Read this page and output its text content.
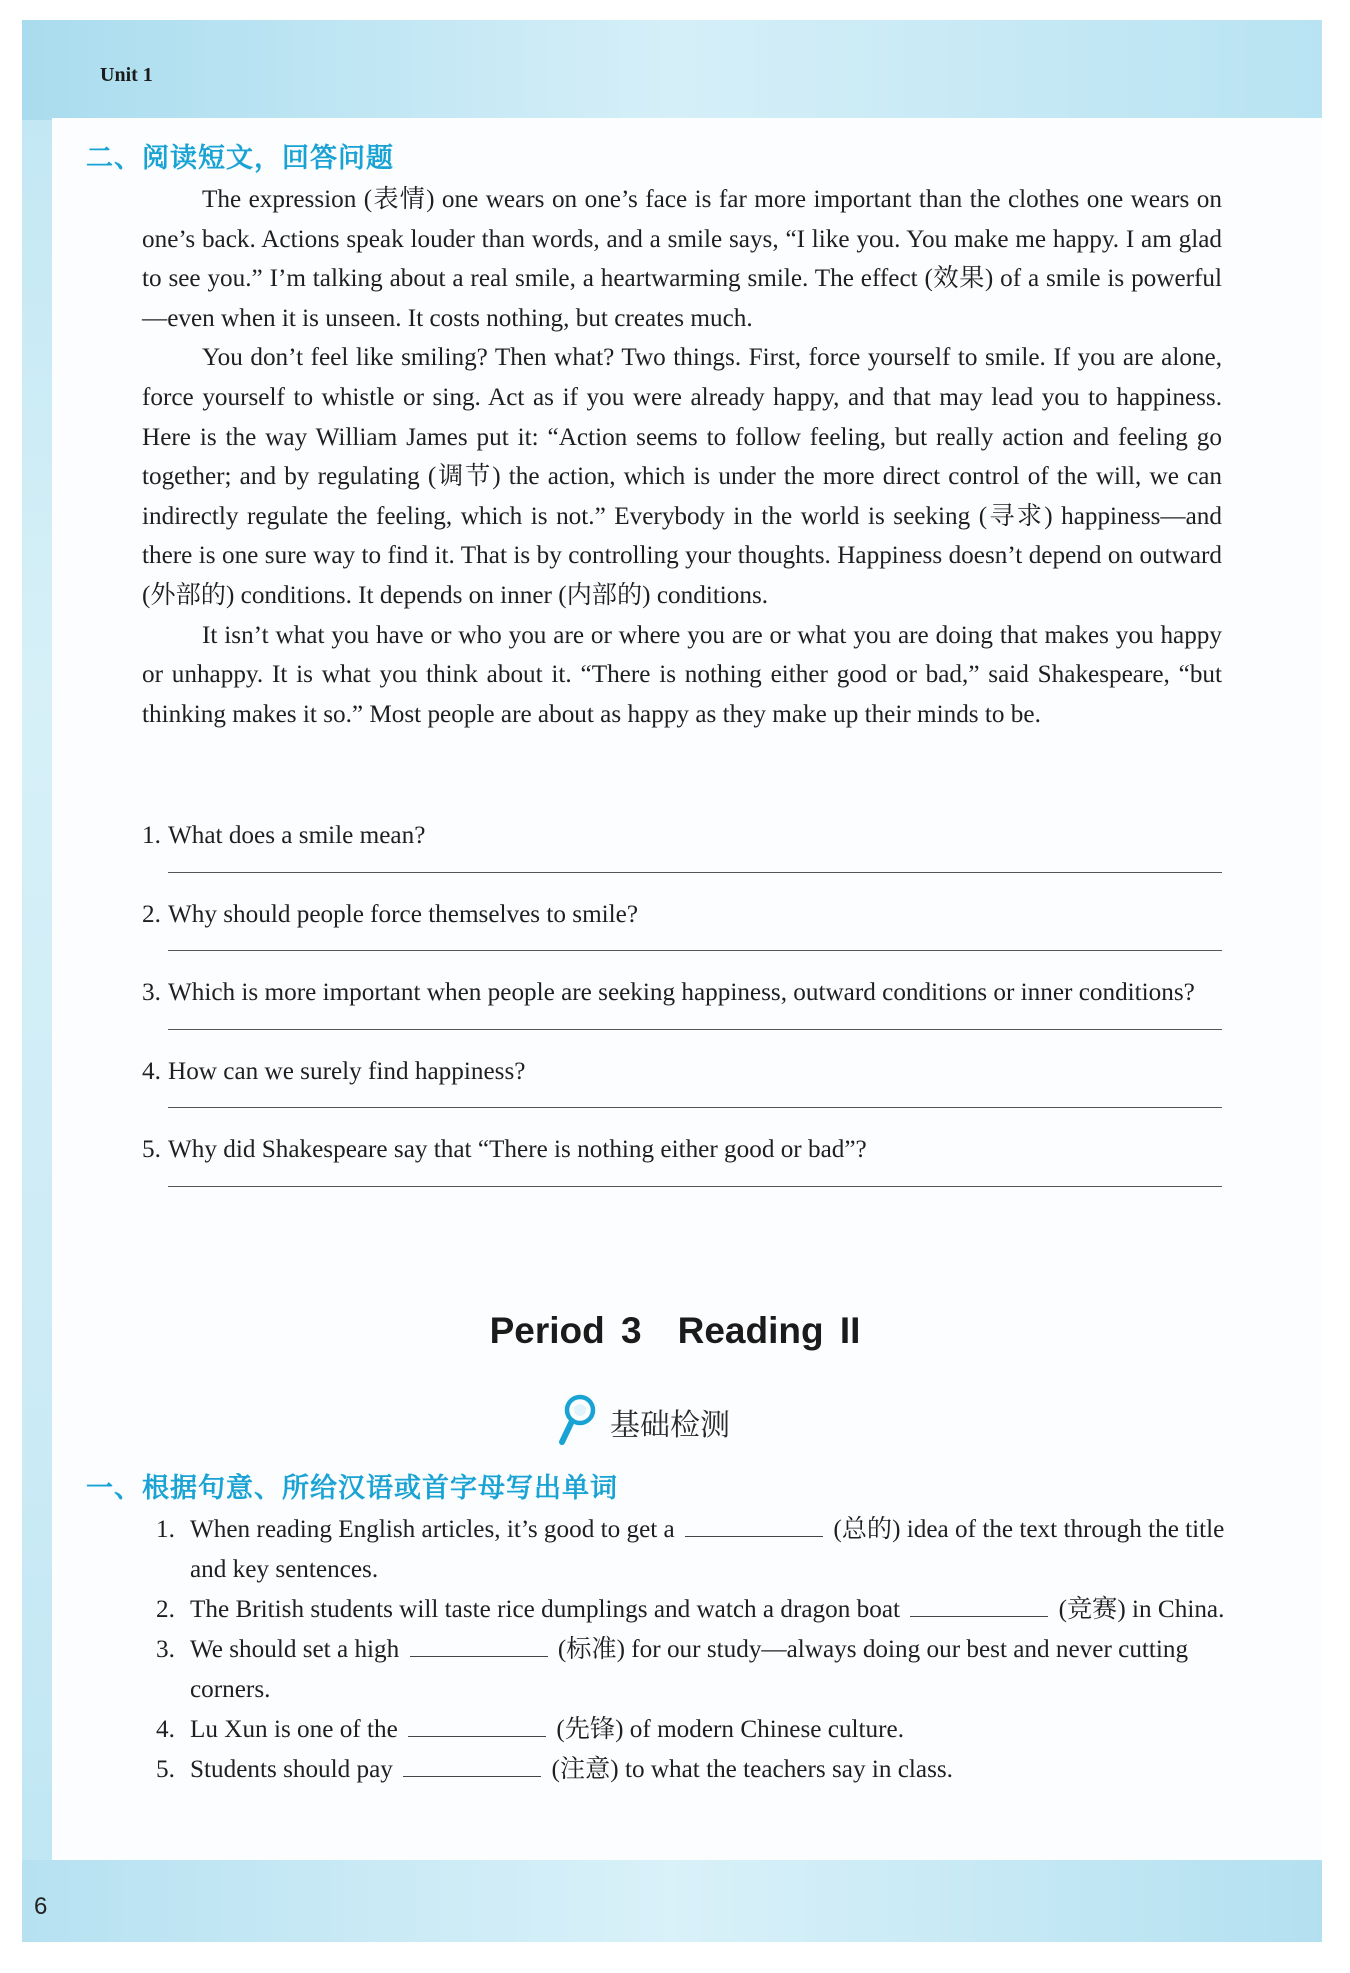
Unit 1
二、阅读短文，回答问题

The expression (表情) one wears on one’s face is far more important than the clothes one wears on one’s back. Actions speak louder than words, and a smile says, “I like you. You make me happy. I am glad to see you.” I’m talking about a real smile, a heartwarming smile. The effect (效果) of a smile is powerful—even when it is unseen. It costs nothing, but creates much.

You don’t feel like smiling? Then what? Two things. First, force yourself to smile. If you are alone, force yourself to whistle or sing. Act as if you were already happy, and that may lead you to happiness. Here is the way William James put it: “Action seems to follow feeling, but really action and feeling go together; and by regulating (调节) the action, which is under the more direct control of the will, we can indirectly regulate the feeling, which is not.” Everybody in the world is seeking (寻求) happiness—and there is one sure way to find it. That is by controlling your thoughts. Happiness doesn’t depend on outward (外部的) conditions. It depends on inner (内部的) conditions.

It isn’t what you have or who you are or where you are or what you are doing that makes you happy or unhappy. It is what you think about it. “There is nothing either good or bad,” said Shakespeare, “but thinking makes it so.” Most people are about as happy as they make up their minds to be.

1. What does a smile mean?
2. Why should people force themselves to smile?
3. Which is more important when people are seeking happiness, outward conditions or inner conditions?
4. How can we surely find happiness?
5. Why did Shakespeare say that “There is nothing either good or bad”?
Period 3 Reading II
基础检测
一、根据句意、所给汉语或首字母写出单词
1. When reading English articles, it’s good to get a	(总的) idea of the text through the title and key sentences.
2. The British students will taste rice dumplings and watch a dragon boat	(竞赛) in China.
3. We should set a high	(标准) for our study—always doing our best and never cutting corners.
4. Lu Xun is one of the	(先锋) of modern Chinese culture.
5. Students should pay	(注意) to what the teachers say in class.
6
